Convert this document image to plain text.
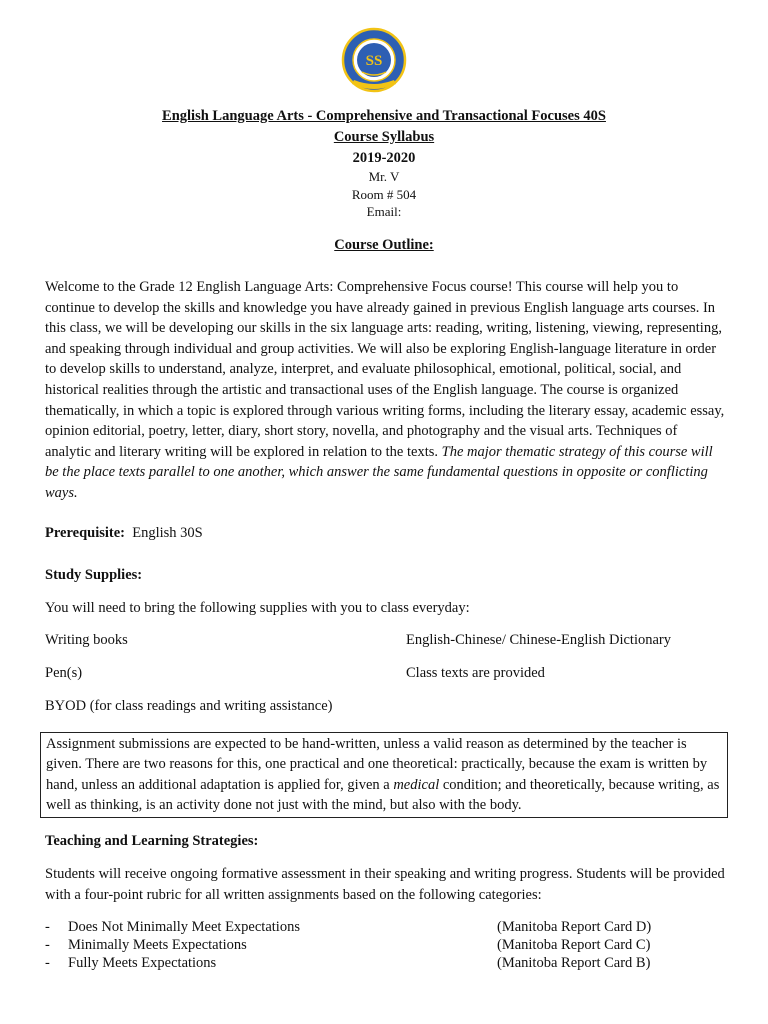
SS
English Language Arts - Comprehensive and Transactional Focuses 40S
Course Syllabus
2019-2020
Mr. V
Room # 504
Email:
Course Outline:
Welcome to the Grade 12 English Language Arts: Comprehensive Focus course! This course will help you to continue to develop the skills and knowledge you have already gained in previous English language arts courses. In this class, we will be developing our skills in the six language arts: reading, writing, listening, viewing, representing, and speaking through individual and group activities. We will also be exploring English-language literature in order to develop skills to understand, analyze, interpret, and evaluate philosophical, emotional, political, social, and historical realities through the artistic and transactional uses of the English language. The course is organized thematically, in which a topic is explored through various writing forms, including the literary essay, academic essay, opinion editorial, poetry, letter, diary, short story, novella, and photography and the visual arts. Techniques of analytic and literary writing will be explored in relation to the texts. The major thematic strategy of this course will be the place texts parallel to one another, which answer the same fundamental questions in opposite or conflicting ways.
Prerequisite: English 30S
Study Supplies:
You will need to bring the following supplies with you to class everyday:
Writing books	English-Chinese/ Chinese-English Dictionary
Pen(s)	Class texts are provided
BYOD (for class readings and writing assistance)
Assignment submissions are expected to be hand-written, unless a valid reason as determined by the teacher is given. There are two reasons for this, one practical and one theoretical: practically, because the exam is written by hand, unless an additional adaptation is applied for, given a medical condition; and theoretically, because writing, as well as thinking, is an activity done not just with the mind, but also with the body.
Teaching and Learning Strategies:
Students will receive ongoing formative assessment in their speaking and writing progress. Students will be provided with a four-point rubric for all written assignments based on the following categories:
- Does Not Minimally Meet Expectations	(Manitoba Report Card D)
- Minimally Meets Expectations	(Manitoba Report Card C)
- Fully Meets Expectations	(Manitoba Report Card B)
